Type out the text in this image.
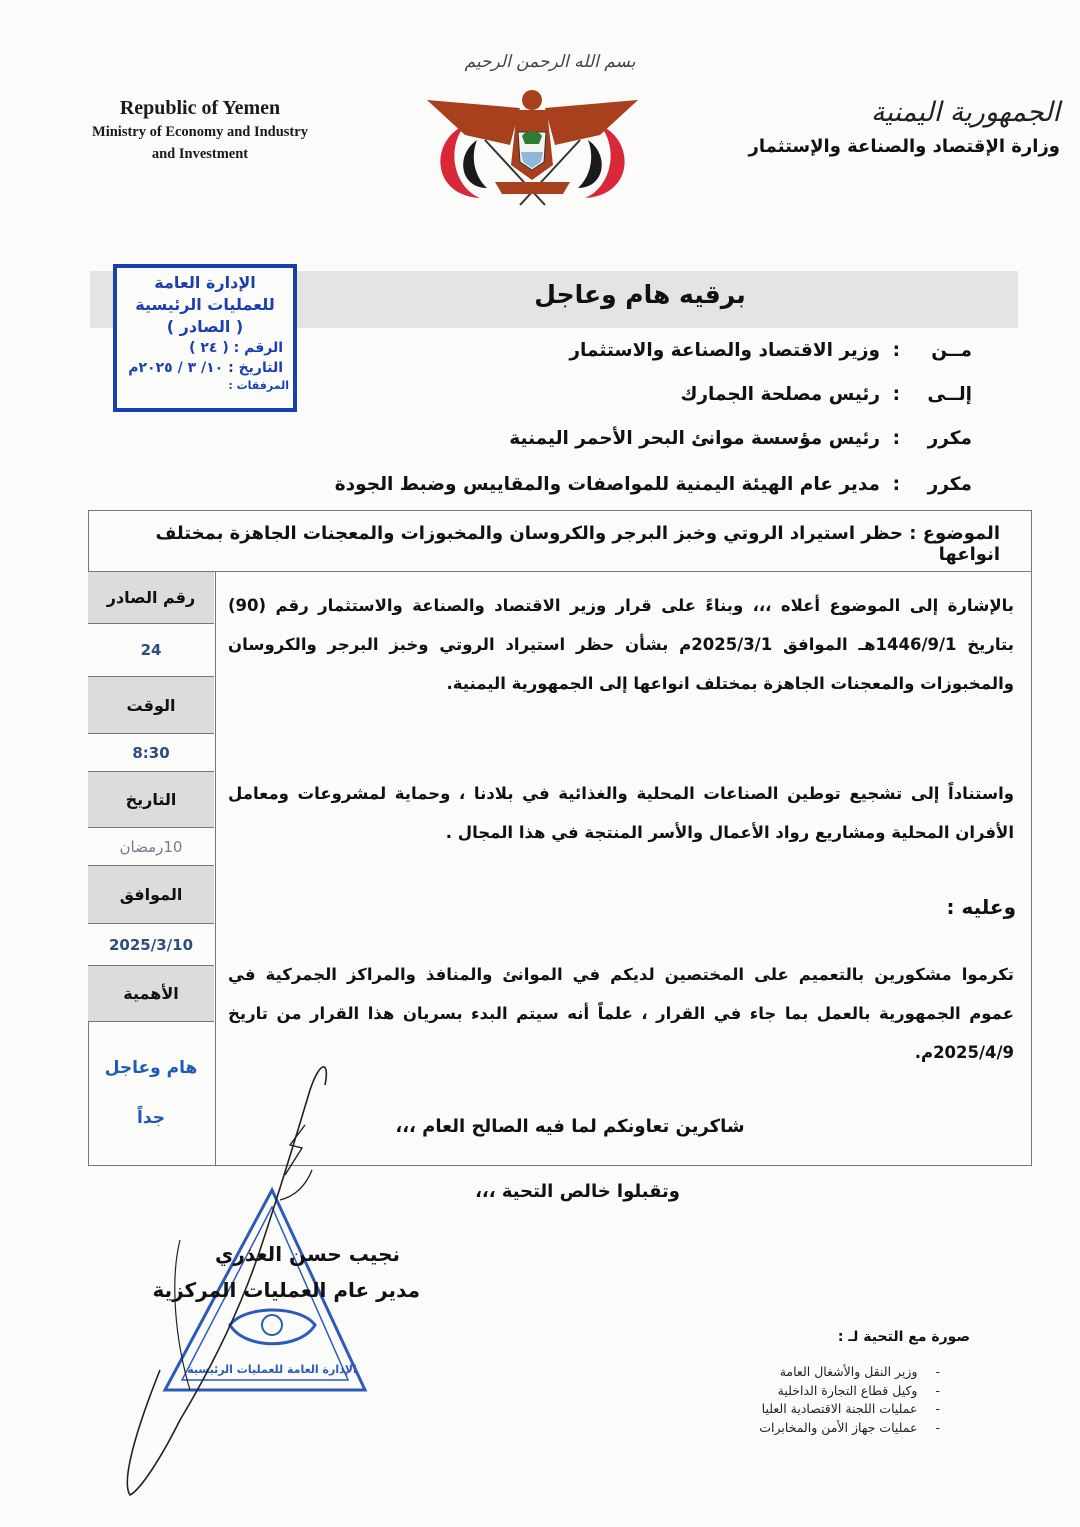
Republic of Yemen
Ministry of Economy and Industry
and Investment
بسم الله الرحمن الرحيم
الجمهورية اليمنية
وزارة الإقتصاد والصناعة والإستثمار
برقيه هام وعاجل
الإدارة العامة للعمليات الرئيسية
( الصادر )
الرقم : ( ٢٤ )
التاريخ : ١٠/ ٣ / ٢٠٢٥م
المرفقات :
مــن
:
وزير الاقتصاد والصناعة والاستثمار
إلــى
:
رئيس مصلحة الجمارك
مكرر
:
رئيس مؤسسة موانئ البحر الأحمر اليمنية
مكرر
:
مدير عام الهيئة اليمنية للمواصفات والمقاييس وضبط الجودة
الموضوع : حظر استيراد الروتي وخبز البرجر والكروسان والمخبوزات والمعجنات الجاهزة بمختلف انواعها
رقم الصادر
24
الوقت
8:30
التاريخ
10رمضان
الموافق
2025/3/10
الأهمية
هام وعاجل
جداً
بالإشارة إلى الموضوع أعلاه ،،، وبناءً على قرار وزير الاقتصاد والصناعة والاستثمار رقم (90) بتاريخ 1446/9/1هـ الموافق 2025/3/1م بشأن حظر استيراد الروتي وخبز البرجر والكروسان والمخبوزات والمعجنات الجاهزة بمختلف انواعها إلى الجمهورية اليمنية.
واستناداً إلى تشجيع توطين الصناعات المحلية والغذائية في بلادنا ، وحماية لمشروعات ومعامل الأفران المحلية ومشاريع رواد الأعمال والأسر المنتجة في هذا المجال .
وعليه :
تكرموا مشكورين بالتعميم على المختصين لديكم في الموانئ والمنافذ والمراكز الجمركية في عموم الجمهورية بالعمل بما جاء في القرار ، علماً أنه سيتم البدء بسريان هذا القرار من تاريخ 2025/4/9م.
شاكرين تعاونكم لما فيه الصالح العام ،،،
وتقبلوا خالص التحية ،،،
الإدارة العامة للعمليات الرئيسية
نجيب حسن العذري
مدير عام العمليات المركزية
صورة مع التحية لـ :
-
وزير النقل والأشغال العامة
-
وكيل قطاع التجارة الداخلية
-
عمليات اللجنة الاقتصادية العليا
-
عمليات جهاز الأمن والمخابرات
